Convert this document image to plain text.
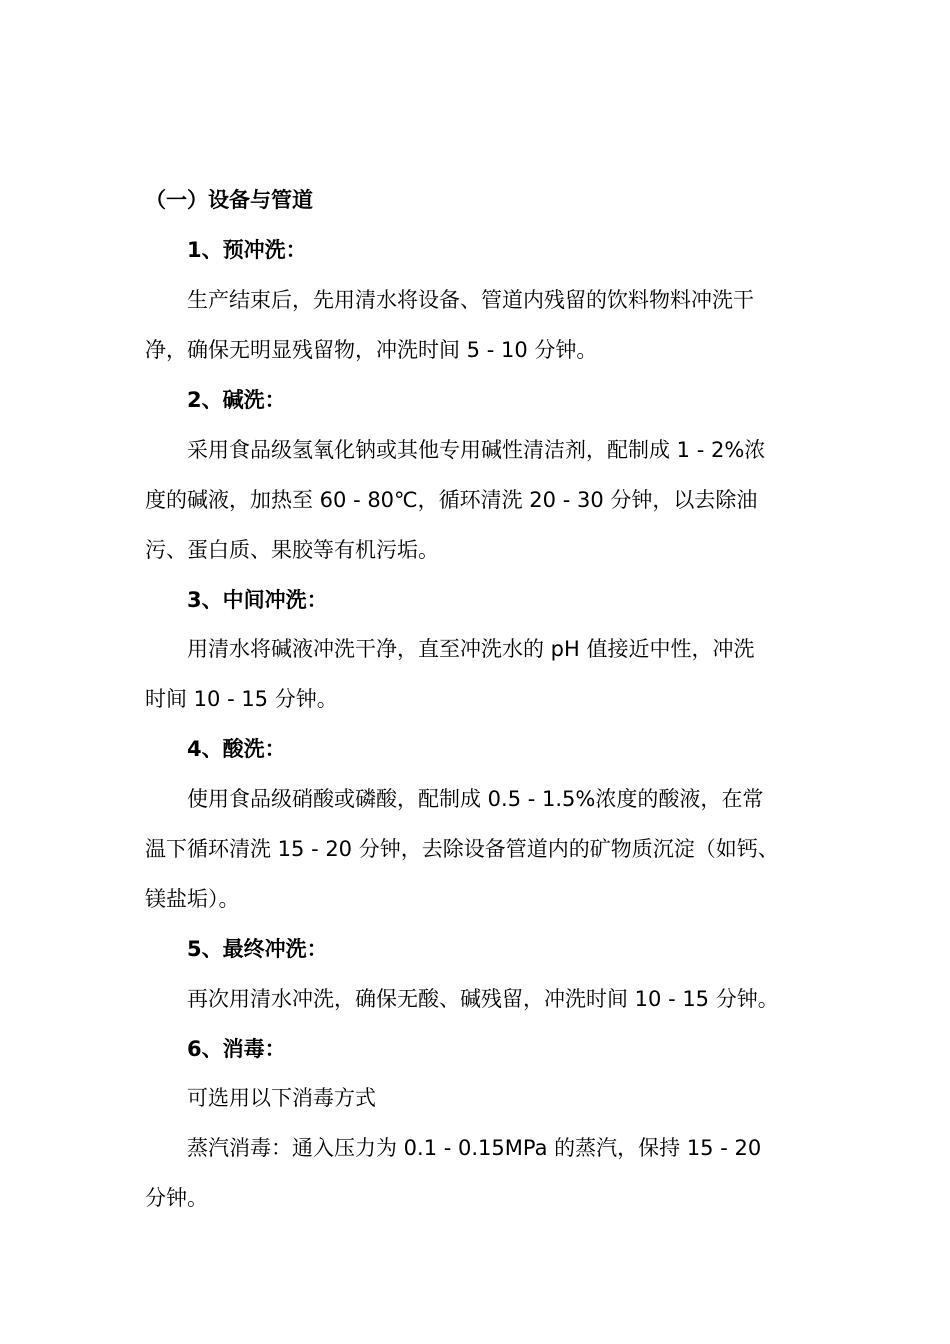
（一）设备与管道
1、预冲洗：
生产结束后，先用清水将设备、管道内残留的饮料物料冲洗干
净，确保无明显残留物，冲洗时间 5 - 10 分钟。
2、碱洗：
采用食品级氢氧化钠或其他专用碱性清洁剂，配制成 1 - 2%浓
度的碱液，加热至 60 - 80℃，循环清洗 20 - 30 分钟，以去除油
污、蛋白质、果胶等有机污垢。
3、中间冲洗：
用清水将碱液冲洗干净，直至冲洗水的 pH 值接近中性，冲洗
时间 10 - 15 分钟。
4、酸洗：
使用食品级硝酸或磷酸，配制成 0.5 - 1.5%浓度的酸液，在常
温下循环清洗 15 - 20 分钟，去除设备管道内的矿物质沉淀（如钙、
镁盐垢）。
5、最终冲洗：
再次用清水冲洗，确保无酸、碱残留，冲洗时间 10 - 15 分钟。
6、消毒：
可选用以下消毒方式
蒸汽消毒：通入压力为 0.1 - 0.15MPa 的蒸汽，保持 15 - 20
分钟。
